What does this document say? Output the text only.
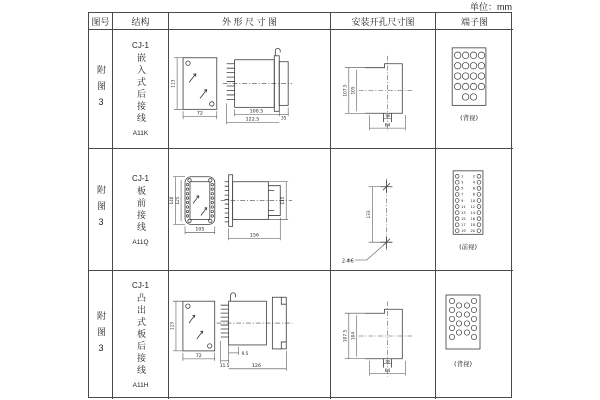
单位：mm
图号	结构	外 形 尺 寸 图	安装开孔尺寸图	端子图
附图3
CJ-1
嵌入式后接线
A11K
113
72	100.5
35
122.5
107.5 105
16
64
(背视)
附图3
CJ-1
板前接线
A11Q
140 125
105
156
115
133
2-Φ6
1	2
3	4
5	6
7	8
9 10
11 12
13 14
15 16
17 18
19 20
(前视)
附图3
CJ-1
凸出式板后接线
A11H
113
72	9.5
31.5	126
107.5 104
16
64
(背视)
